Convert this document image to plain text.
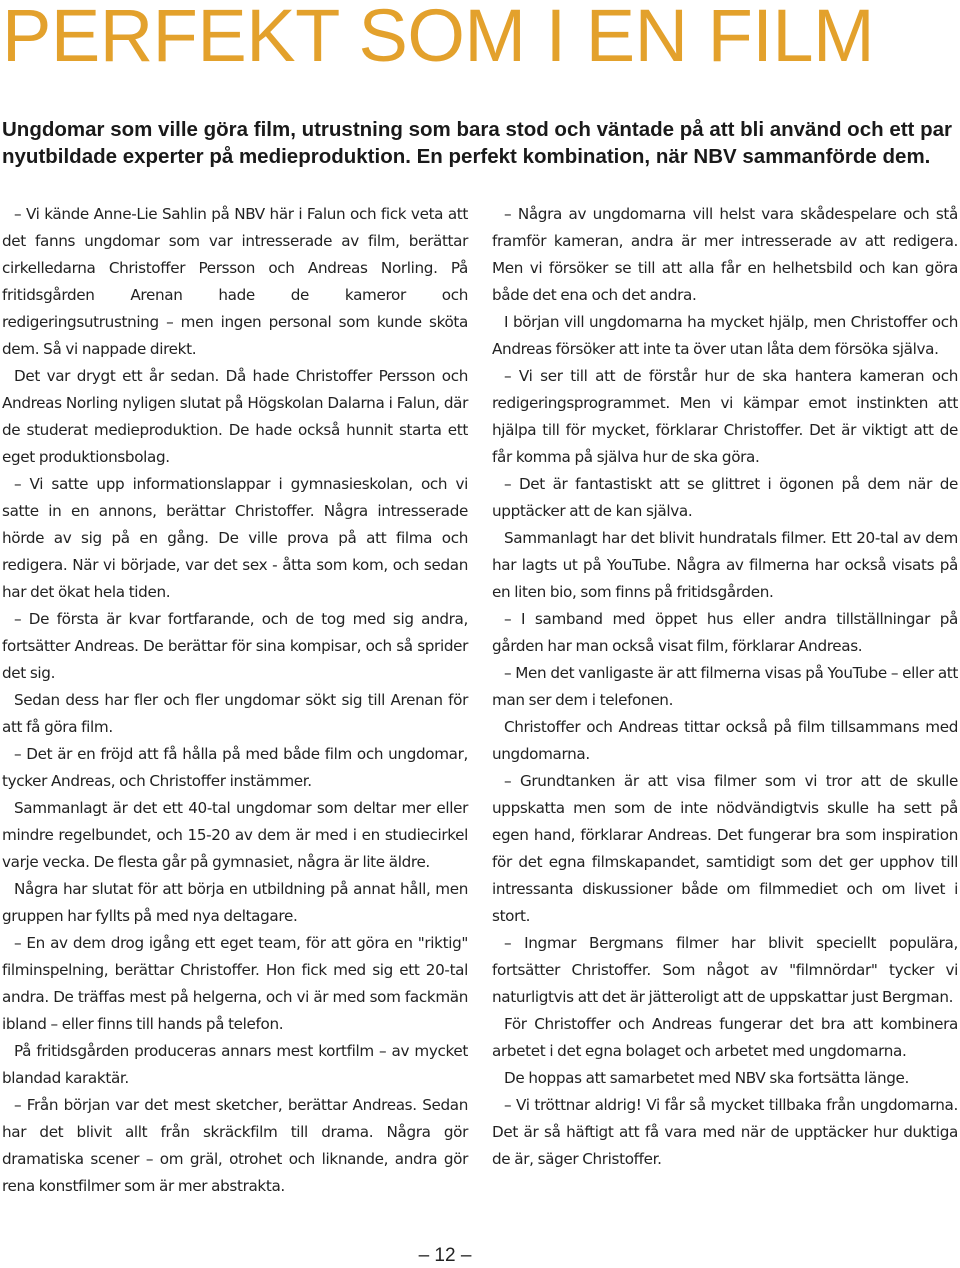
PERFEKT SOM I EN FILM

Ungdomar som ville göra film, utrustning som bara stod och väntade på att bli använd och ett par nyutbildade experter på medieproduktion. En perfekt kombination, när NBV sammanförde dem.

– Vi kände Anne-Lie Sahlin på NBV här i Falun och fick veta att det fanns ungdomar som var intresserade av film, berättar cirkelledarna Christoffer Persson och Andreas Norling. På fritidsgården Arenan hade de kameror och redigeringsutrustning – men ingen personal som kunde sköta dem. Så vi nappade direkt.

Det var drygt ett år sedan. Då hade Christoffer Persson och Andreas Norling nyligen slutat på Högskolan Dalarna i Falun, där de studerat medieproduktion. De hade också hunnit starta ett eget produktionsbolag.

– Vi satte upp informationslappar i gymnasieskolan, och vi satte in en annons, berättar Christoffer. Några intresserade hörde av sig på en gång. De ville prova på att filma och redigera. När vi började, var det sex - åtta som kom, och sedan har det ökat hela tiden.

– De första är kvar fortfarande, och de tog med sig andra, fortsätter Andreas. De berättar för sina kompisar, och så sprider det sig.

Sedan dess har fler och fler ungdomar sökt sig till Arenan för att få göra film.

– Det är en fröjd att få hålla på med både film och ungdomar, tycker Andreas, och Christoffer instämmer.

Sammanlagt är det ett 40-tal ungdomar som deltar mer eller mindre regelbundet, och 15-20 av dem är med i en studiecirkel varje vecka. De flesta går på gymnasiet, några är lite äldre.

Några har slutat för att börja en utbildning på annat håll, men gruppen har fyllts på med nya deltagare.

– En av dem drog igång ett eget team, för att göra en "riktig" filminspelning, berättar Christoffer. Hon fick med sig ett 20-tal andra. De träffas mest på helgerna, och vi är med som fackmän ibland – eller finns till hands på telefon.

På fritidsgården produceras annars mest kortfilm – av mycket blandad karaktär.

– Från början var det mest sketcher, berättar Andreas. Sedan har det blivit allt från skräckfilm till drama. Några gör dramatiska scener – om gräl, otrohet och liknande, andra gör rena konstfilmer som är mer abstrakta.

– Några av ungdomarna vill helst vara skådespelare och stå framför kameran, andra är mer intresserade av att redigera. Men vi försöker se till att alla får en helhetsbild och kan göra både det ena och det andra.

I början vill ungdomarna ha mycket hjälp, men Christoffer och Andreas försöker att inte ta över utan låta dem försöka själva.

– Vi ser till att de förstår hur de ska hantera kameran och redigeringsprogrammet. Men vi kämpar emot instinkten att hjälpa till för mycket, förklarar Christoffer. Det är viktigt att de får komma på själva hur de ska göra.

– Det är fantastiskt att se glittret i ögonen på dem när de upptäcker att de kan själva.

Sammanlagt har det blivit hundratals filmer. Ett 20-tal av dem har lagts ut på YouTube. Några av filmerna har också visats på en liten bio, som finns på fritidsgården.

– I samband med öppet hus eller andra tillställningar på gården har man också visat film, förklarar Andreas.

– Men det vanligaste är att filmerna visas på YouTube – eller att man ser dem i telefonen.

Christoffer och Andreas tittar också på film tillsammans med ungdomarna.

– Grundtanken är att visa filmer som vi tror att de skulle uppskatta men som de inte nödvändigtvis skulle ha sett på egen hand, förklarar Andreas. Det fungerar bra som inspiration för det egna filmskapandet, samtidigt som det ger upphov till intressanta diskussioner både om filmmediet och om livet i stort.

– Ingmar Bergmans filmer har blivit speciellt populära, fortsätter Christoffer. Som något av "filmnördar" tycker vi naturligtvis att det är jätteroligt att de uppskattar just Bergman.

För Christoffer och Andreas fungerar det bra att kombinera arbetet i det egna bolaget och arbetet med ungdomarna.

De hoppas att samarbetet med NBV ska fortsätta länge.

– Vi tröttnar aldrig! Vi får så mycket tillbaka från ungdomarna. Det är så häftigt att få vara med när de upptäcker hur duktiga de är, säger Christoffer.

– 12 –
